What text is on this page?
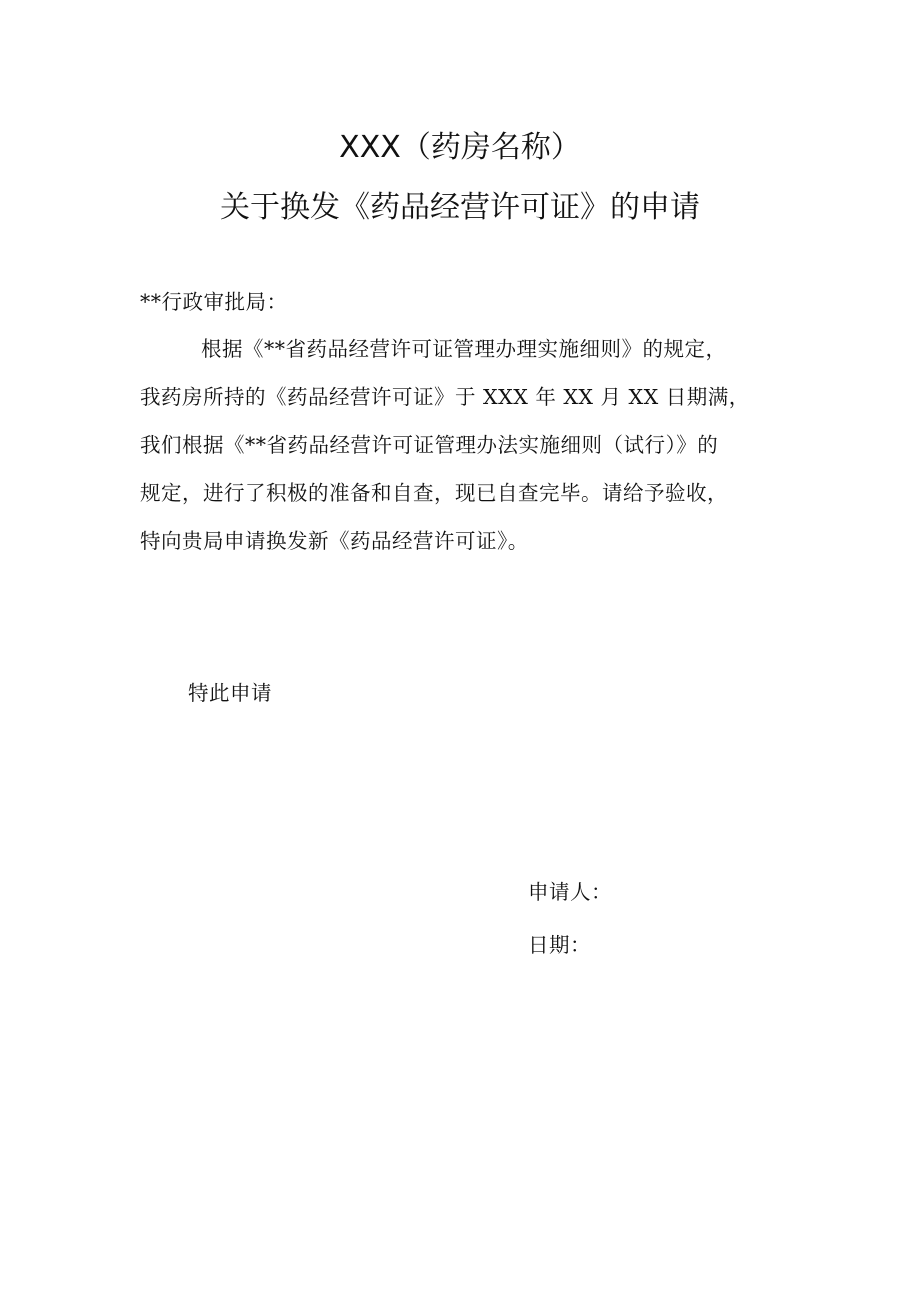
XXX（药房名称）
关于换发《药品经营许可证》的申请
**行政审批局：
根据《**省药品经营许可证管理办理实施细则》的规定，
我药房所持的《药品经营许可证》于 XXX 年 XX 月 XX 日期满，
我们根据《**省药品经营许可证管理办法实施细则（试行）》的
规定，进行了积极的准备和自查，现已自查完毕。请给予验收，
特向贵局申请换发新《药品经营许可证》。
特此申请
申请人：
日期：
